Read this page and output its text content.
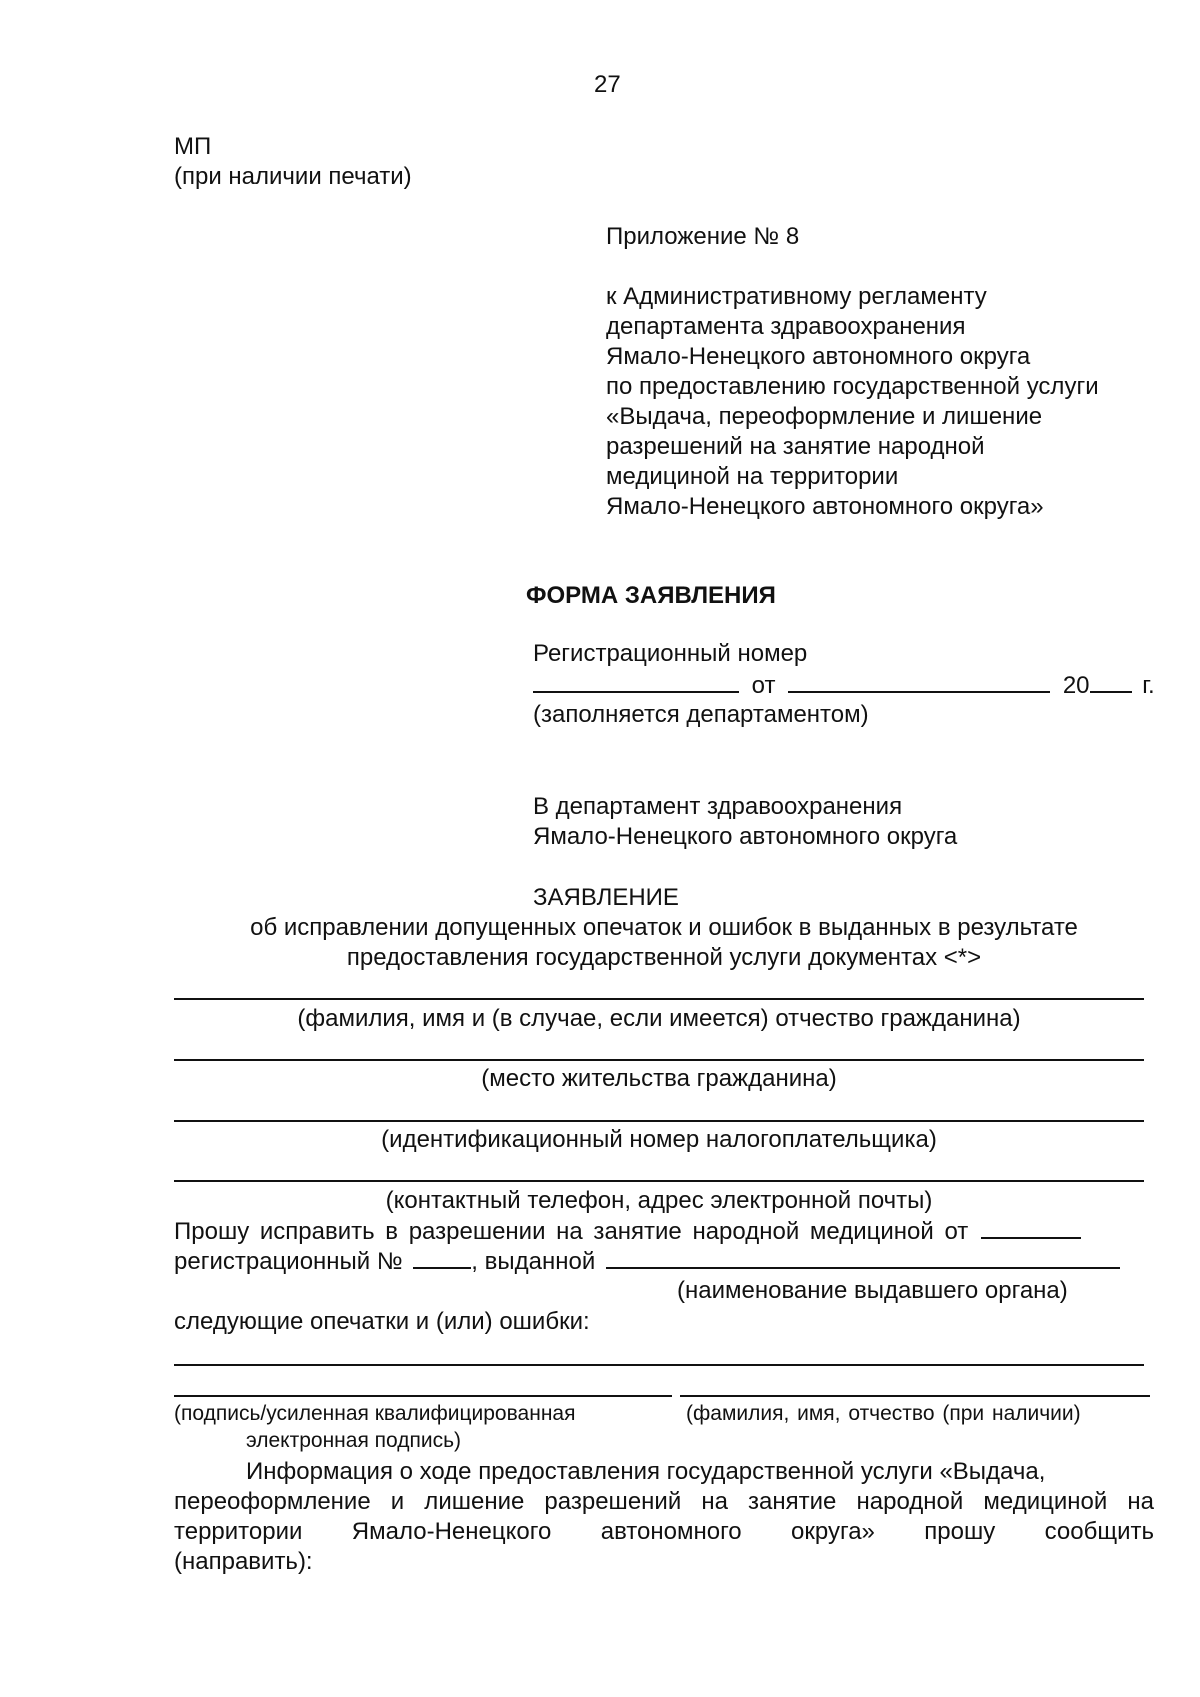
27
МП
(при наличии печати)
Приложение № 8
к Административному регламенту
департамента здравоохранения
Ямало-Ненецкого автономного округа
по предоставлению государственной услуги
«Выдача, переоформление и лишение
разрешений на занятие народной
медициной на территории
Ямало-Ненецкого автономного округа»
ФОРМА ЗАЯВЛЕНИЯ
Регистрационный номер
от	20 г.
(заполняется департаментом)
В департамент здравоохранения
Ямало-Ненецкого автономного округа
ЗАЯВЛЕНИЕ
об исправлении допущенных опечаток и ошибок в выданных в результате
предоставления государственной услуги документах <*>
(фамилия, имя и (в случае, если имеется) отчество гражданина)
(место жительства гражданина)
(идентификационный номер налогоплательщика)
(контактный телефон, адрес электронной почты)
Прошу исправить в разрешении на занятие народной медициной от
регистрационный №	, выданной
(наименование выдавшего органа)
следующие опечатки и (или) ошибки:
(подпись/усиленная квалифицированная
электронная подпись)
(фамилия, имя, отчество (при наличии)
Информация о ходе предоставления государственной услуги «Выдача,
переоформление и лишение разрешений на занятие народной медициной на
территории Ямало-Ненецкого автономного округа» прошу сообщить
(направить):
